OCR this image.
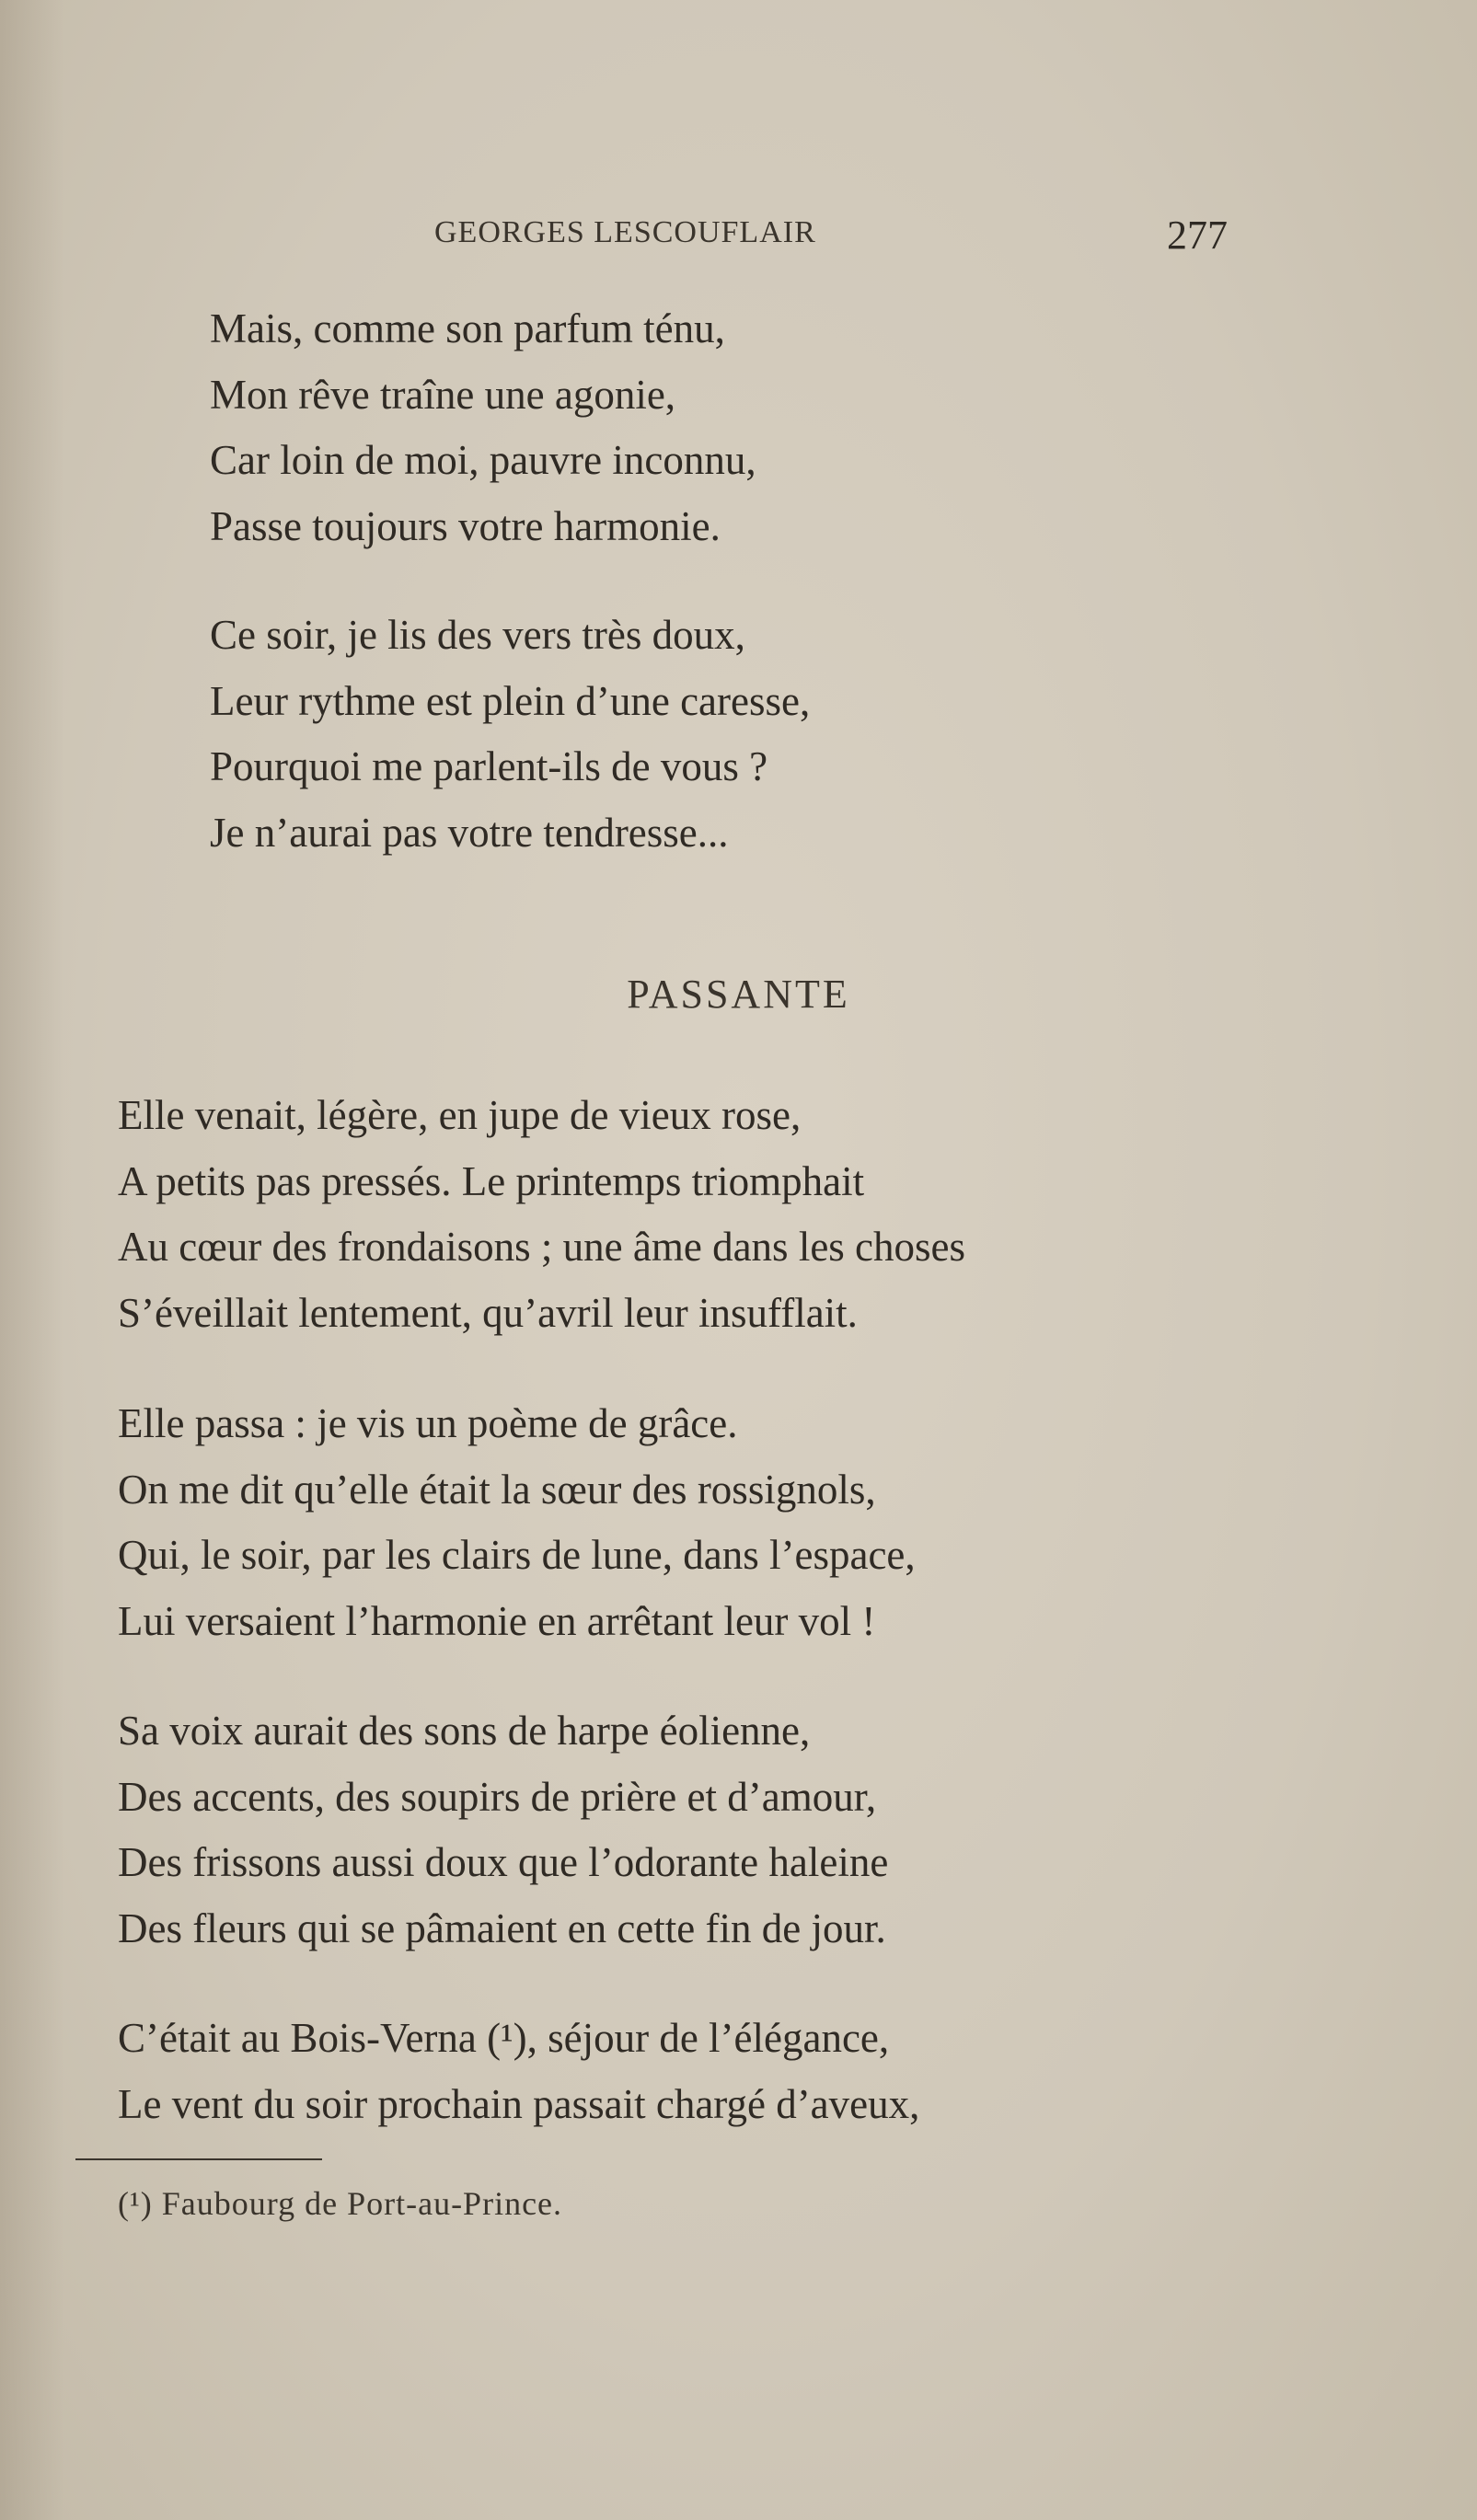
GEORGES LESCOUFLAIR	277

Mais, comme son parfum ténu,

Mon rêve traîne une agonie,

Car loin de moi, pauvre inconnu,

Passe toujours votre harmonie.

Ce soir, je lis des vers très doux,

Leur rythme est plein d’une caresse,

Pourquoi me parlent-ils de vous ?

Je n’aurai pas votre tendresse...

PASSANTE

Elle venait, légère, en jupe de vieux rose,

A petits pas pressés. Le printemps triomphait

Au cœur des frondaisons ; une âme dans les choses

S’éveillait lentement, qu’avril leur insufflait.

Elle passa : je vis un poème de grâce.

On me dit qu’elle était la sœur des rossignols,

Qui, le soir, par les clairs de lune, dans l’espace,

Lui versaient l’harmonie en arrêtant leur vol !

Sa voix aurait des sons de harpe éolienne,

Des accents, des soupirs de prière et d’amour,

Des frissons aussi doux que l’odorante haleine

Des fleurs qui se pâmaient en cette fin de jour.

C’était au Bois-Verna (¹), séjour de l’élégance,

Le vent du soir prochain passait chargé d’aveux,

(¹) Faubourg de Port-au-Prince.
